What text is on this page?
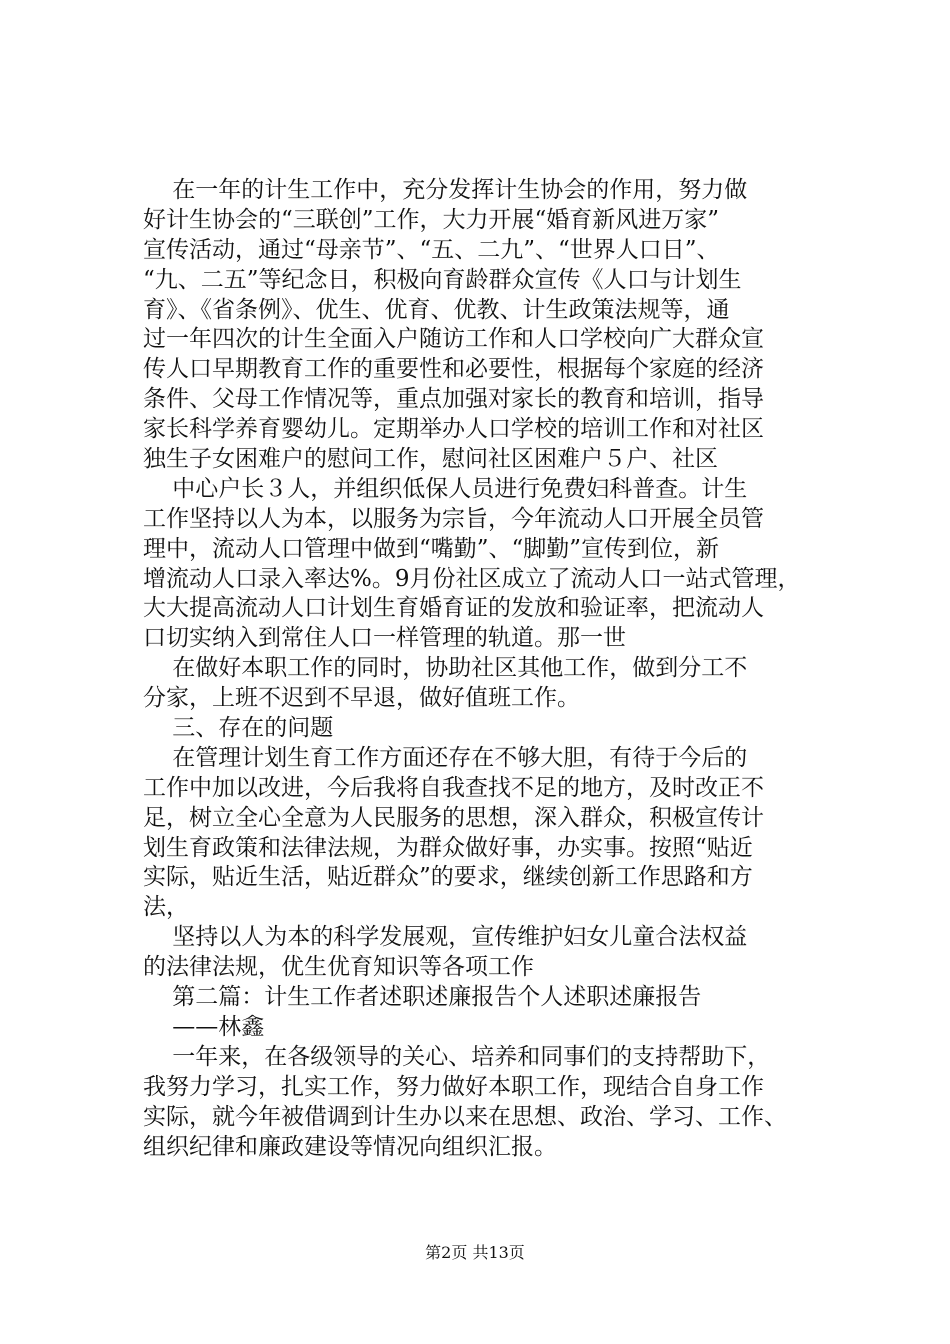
在一年的计生工作中，充分发挥计生协会的作用，努力做
好计生协会的“三联创”工作，大力开展“婚育新风进万家”
宣传活动，通过“母亲节”、“五、二九”、“世界人口日”、
“九、二五”等纪念日，积极向育龄群众宣传《人口与计划生
育》、《省条例》、优生、优育、优教、计生政策法规等，通
过一年四次的计生全面入户随访工作和人口学校向广大群众宣
传人口早期教育工作的重要性和必要性，根据每个家庭的经济
条件、父母工作情况等，重点加强对家长的教育和培训，指导
家长科学养育婴幼儿。定期举办人口学校的培训工作和对社区
独生子女困难户的慰问工作，慰问社区困难户５户、社区
中心户长３人，并组织低保人员进行免费妇科普查。计生
工作坚持以人为本，以服务为宗旨，今年流动人口开展全员管
理中，流动人口管理中做到“嘴勤”、“脚勤”宣传到位，新
增流动人口录入率达%。9月份社区成立了流动人口一站式管理，
大大提高流动人口计划生育婚育证的发放和验证率，把流动人
口切实纳入到常住人口一样管理的轨道。那一世
在做好本职工作的同时，协助社区其他工作，做到分工不
分家，上班不迟到不早退，做好值班工作。
三、存在的问题
在管理计划生育工作方面还存在不够大胆，有待于今后的
工作中加以改进，今后我将自我查找不足的地方，及时改正不
足，树立全心全意为人民服务的思想，深入群众，积极宣传计
划生育政策和法律法规，为群众做好事，办实事。按照“贴近
实际，贴近生活，贴近群众”的要求，继续创新工作思路和方
法，
坚持以人为本的科学发展观，宣传维护妇女儿童合法权益
的法律法规，优生优育知识等各项工作
第二篇：计生工作者述职述廉报告个人述职述廉报告
——林鑫
一年来，在各级领导的关心、培养和同事们的支持帮助下，
我努力学习，扎实工作，努力做好本职工作，现结合自身工作
实际，就今年被借调到计生办以来在思想、政治、学习、工作、
组织纪律和廉政建设等情况向组织汇报。
第2页 共13页
